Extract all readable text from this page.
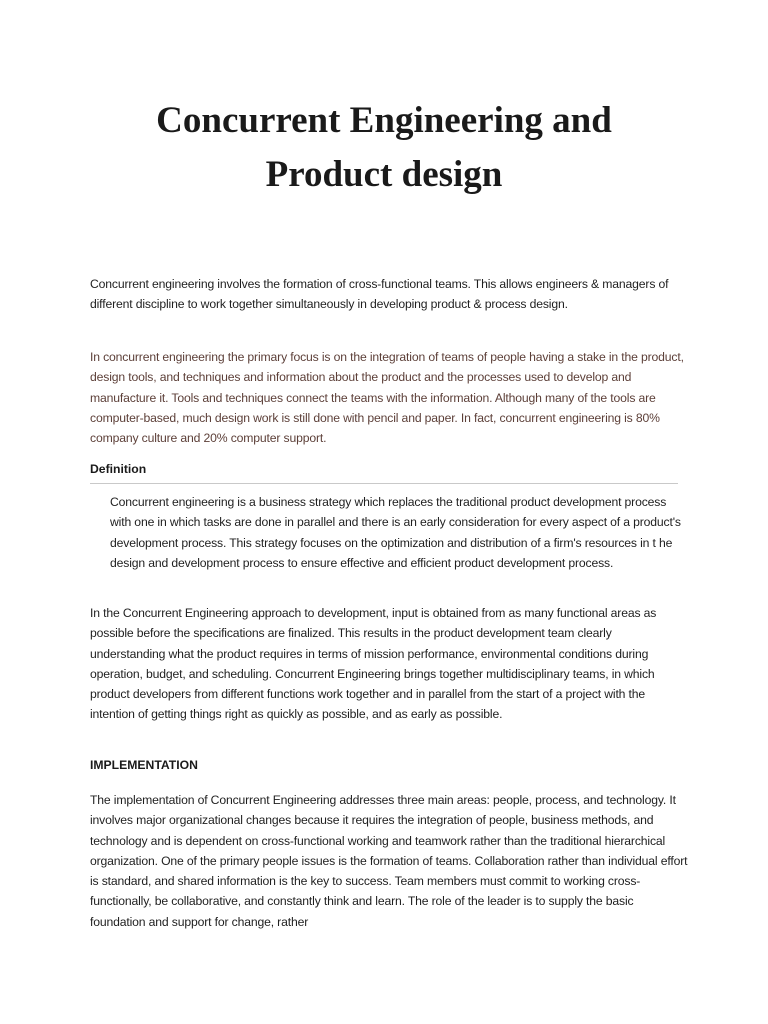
Concurrent Engineering and
Product design

Concurrent engineering involves the formation of cross-functional teams. This allows engineers & managers of different discipline to work together simultaneously in developing product & process design.

In concurrent engineering the primary focus is on the integration of teams of people having a stake in the product, design tools, and techniques and information about the product and the processes used to develop and manufacture it. Tools and techniques connect the teams with the information. Although many of the tools are computer-based, much design work is still done with pencil and paper. In fact, concurrent engineering is 80% company culture and 20% computer support.

Definition

Concurrent engineering is a business strategy which replaces the traditional product development process with one in which tasks are done in parallel and there is an early consideration for every aspect of a product's development process. This strategy focuses on the optimization and distribution of a firm's resources in t he design and development process to ensure effective and efficient product development process.

In the Concurrent Engineering approach to development, input is obtained from as many functional areas as possible before the specifications are finalized. This results in the product development team clearly understanding what the product requires in terms of mission performance, environmental conditions during operation, budget, and scheduling. Concurrent Engineering brings together multidisciplinary teams, in which product developers from different functions work together and in parallel from the start of a project with the intention of getting things right as quickly as possible, and as early as possible.

IMPLEMENTATION

The implementation of Concurrent Engineering addresses three main areas: people, process, and technology. It involves major organizational changes because it requires the integration of people, business methods, and technology and is dependent on cross-functional working and teamwork rather than the traditional hierarchical organization. One of the primary people issues is the formation of teams. Collaboration rather than individual effort is standard, and shared information is the key to success. Team members must commit to working cross-functionally, be collaborative, and constantly think and learn. The role of the leader is to supply the basic foundation and support for change, rather
